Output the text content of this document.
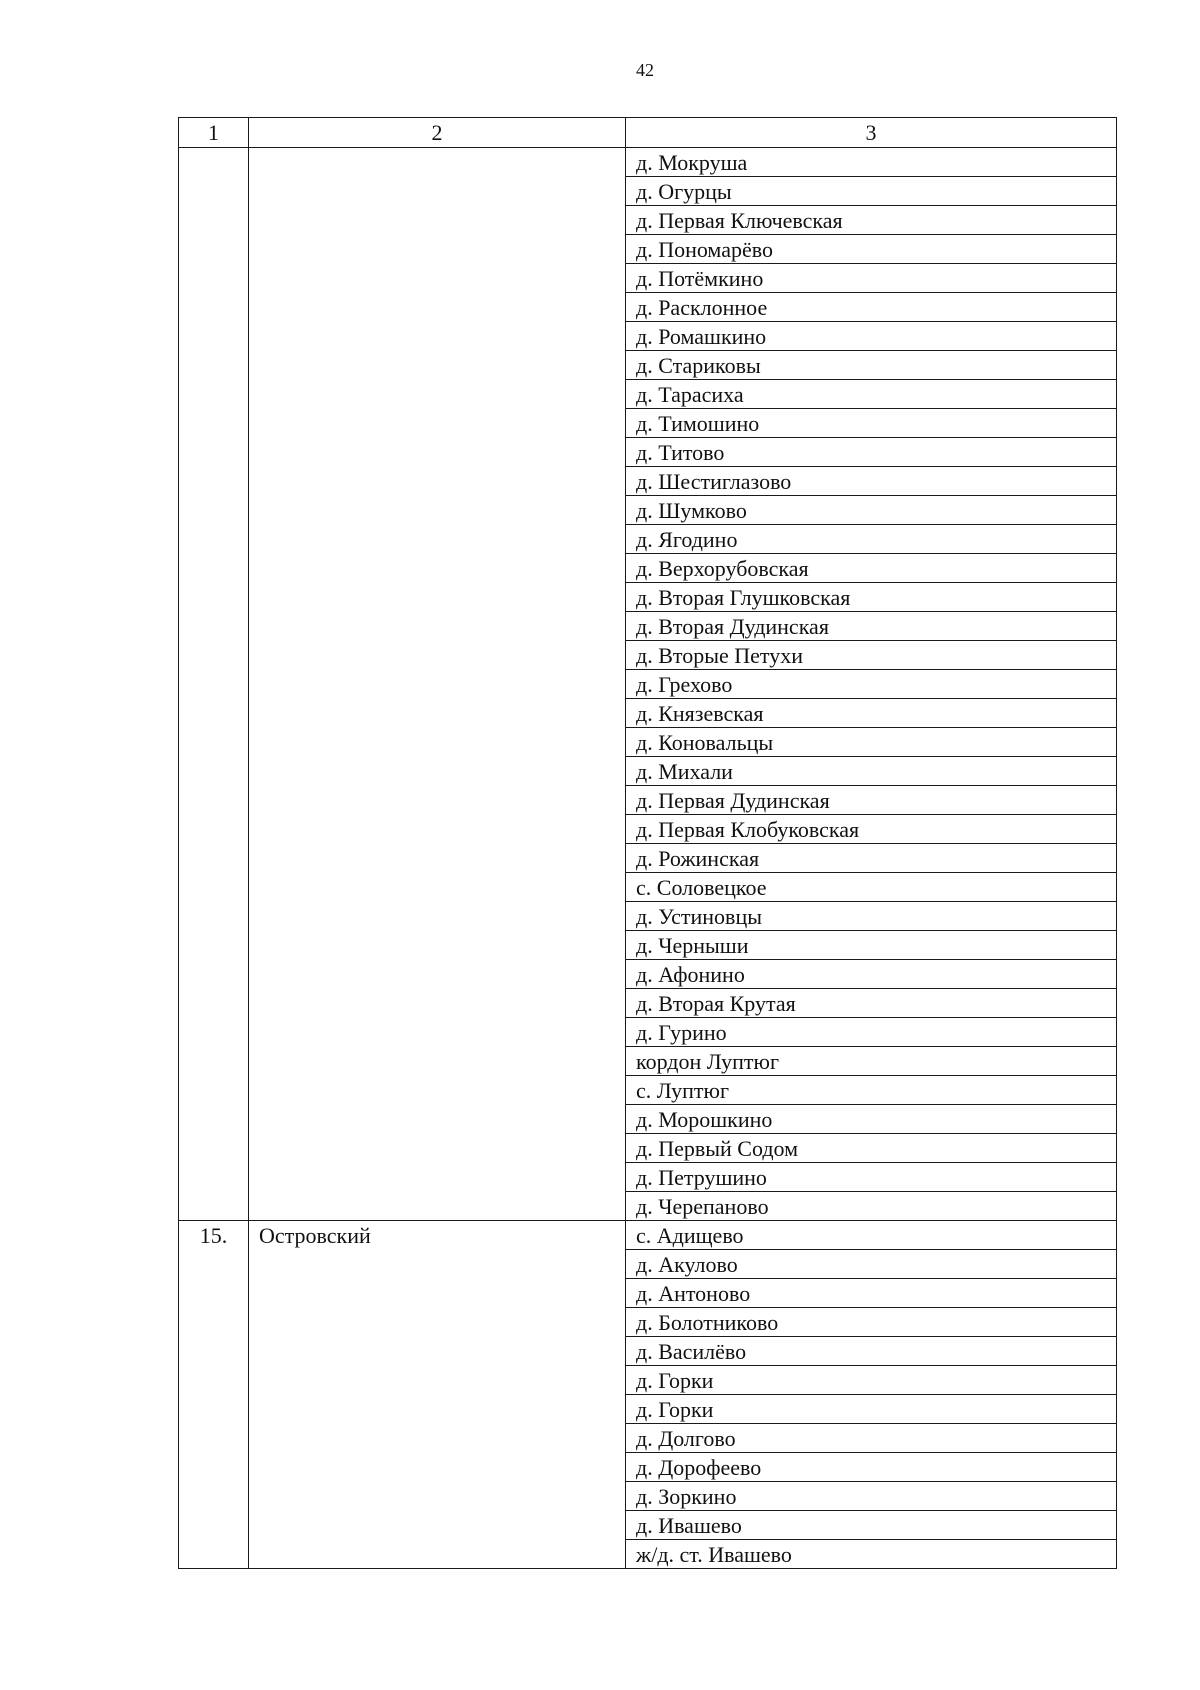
42
1	2	3
		д. Мокруша
		д. Огурцы
		д. Первая Ключевская
		д. Пономарёво
		д. Потёмкино
		д. Расклонное
		д. Ромашкино
		д. Стариковы
		д. Тарасиха
		д. Тимошино
		д. Титово
		д. Шестиглазово
		д. Шумково
		д. Ягодино
		д. Верхорубовская
		д. Вторая Глушковская
		д. Вторая Дудинская
		д. Вторые Петухи
		д. Грехово
		д. Князевская
		д. Коновальцы
		д. Михали
		д. Первая Дудинская
		д. Первая Клобуковская
		д. Рожинская
		с. Соловецкое
		д. Устиновцы
		д. Черныши
		д. Афонино
		д. Вторая Крутая
		д. Гурино
		кордон Луптюг
		с. Луптюг
		д. Морошкино
		д. Первый Содом
		д. Петрушино
		д. Черепаново
15.	Островский	с. Адищево
		д. Акулово
		д. Антоново
		д. Болотниково
		д. Василёво
		д. Горки
		д. Горки
		д. Долгово
		д. Дорофеево
		д. Зоркино
		д. Ивашево
		ж/д. ст. Ивашево
